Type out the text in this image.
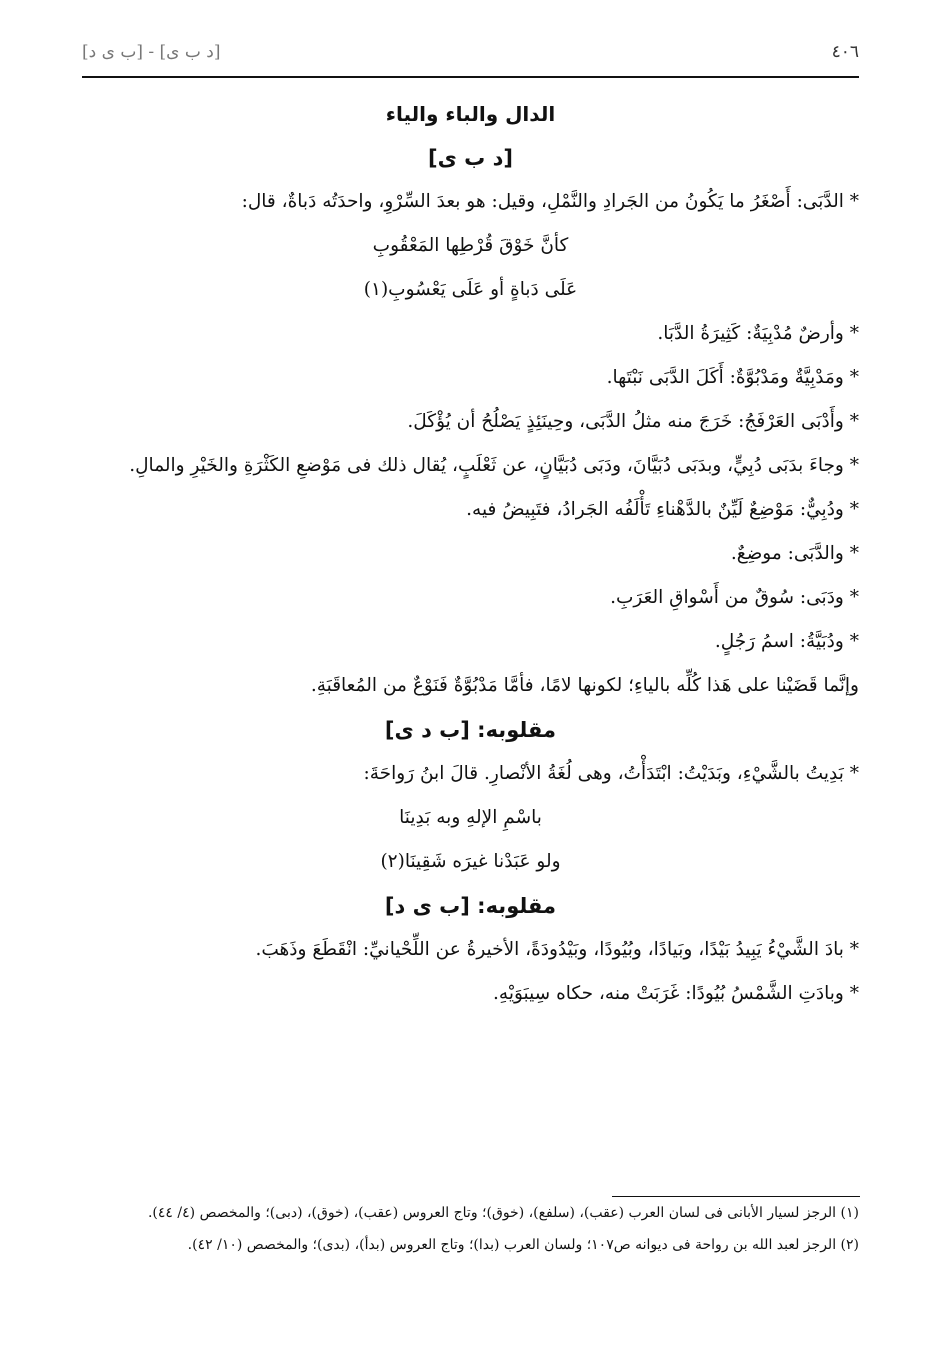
٤٠٦
[د ب ى] - [ب ى د]
الدال والباء والياء
[د ب ى]
* الدَّبَى: أَصْغَرُ ما يَكُونُ من الجَرادِ والنَّمْلِ، وقيل: هو بعدَ السِّرْوِ، واحدَتُه دَباةٌ، قال:
كأنَّ خَوْقَ قُرْطِها المَعْقُوبِ
عَلَى دَباةٍ أو عَلَى يَعْسُوبِ(١)
* وأرضٌ مُدْبِيَةٌ: كَثِيرَةُ الدَّبَا.
* ومَدْبِيَّةٌ ومَدْبُوَّةٌ: أَكَلَ الدَّبَى نَبْتَها.
* وأَدْبَى العَرْفَجُ: خَرَجَ منه مثلُ الدَّبَى، وحِينَئِذٍ يَصْلُحُ أن يُؤْكَلَ.
* وجاءَ بدَبَى دُبِيٍّ، وبدَبَى دُبَيَّانَ، ودَبَى دُبَيَّانٍ، عن ثَعْلَبٍ، يُقال ذلك فى مَوْضعِ الكَثْرَةِ والخَيْرِ والمالِ.
* ودُبِيٌّ: مَوْضِعٌ لَيِّنٌ بالدَّهْناءِ تَأْلَفُه الجَرادُ، فتَبِيضُ فيه.
* والدَّبَى: موضِعٌ.
* ودَبَى: سُوقٌ من أَسْواقِ العَرَبِ.
* ودُبَيَّةُ: اسمُ رَجُلٍ.
وإنَّما قَضَيْنا على هَذا كُلِّه بالياءِ؛ لكونها لامًا، فأمَّا مَدْبُوَّةٌ فَنَوْعٌ من المُعاقَبَةِ.
مقلوبه: [ب د ى]
* بَدِيتُ بالشَّيْءِ، وبَدَيْتُ: ابْتَدَأْتُ، وهى لُغَةُ الأنْصارِ. قالَ ابنُ رَواحَةَ:
باسْمِ الإلهِ وبه بَدِينَا
ولو عَبَدْنا غيرَه شَقِينَا(٢)
مقلوبه: [ب ى د]
* بادَ الشَّيْءُ يَبِيدُ بَيْدًا، وبَيادًا، وبُيُودًا، وبَيْدُودَةً، الأخيرةُ عن اللِّحْيانيِّ: انْقَطَعَ وذَهَبَ.
* وبادَتِ الشَّمْسُ بُيُودًا: غَرَبَتْ منه، حكاه سِيبَوَيْهِ.
(١) الرجز لسيار الأبانى فى لسان العرب (عقب)، (سلفع)، (خوق)؛ وتاج العروس (عقب)، (خوق)، (دبى)؛ والمخصص (٤/ ٤٤).
(٢) الرجز لعبد الله بن رواحة فى ديوانه ص١٠٧؛ ولسان العرب (بدا)؛ وتاج العروس (بدأ)، (بدى)؛ والمخصص (١٠/ ٤٢).
